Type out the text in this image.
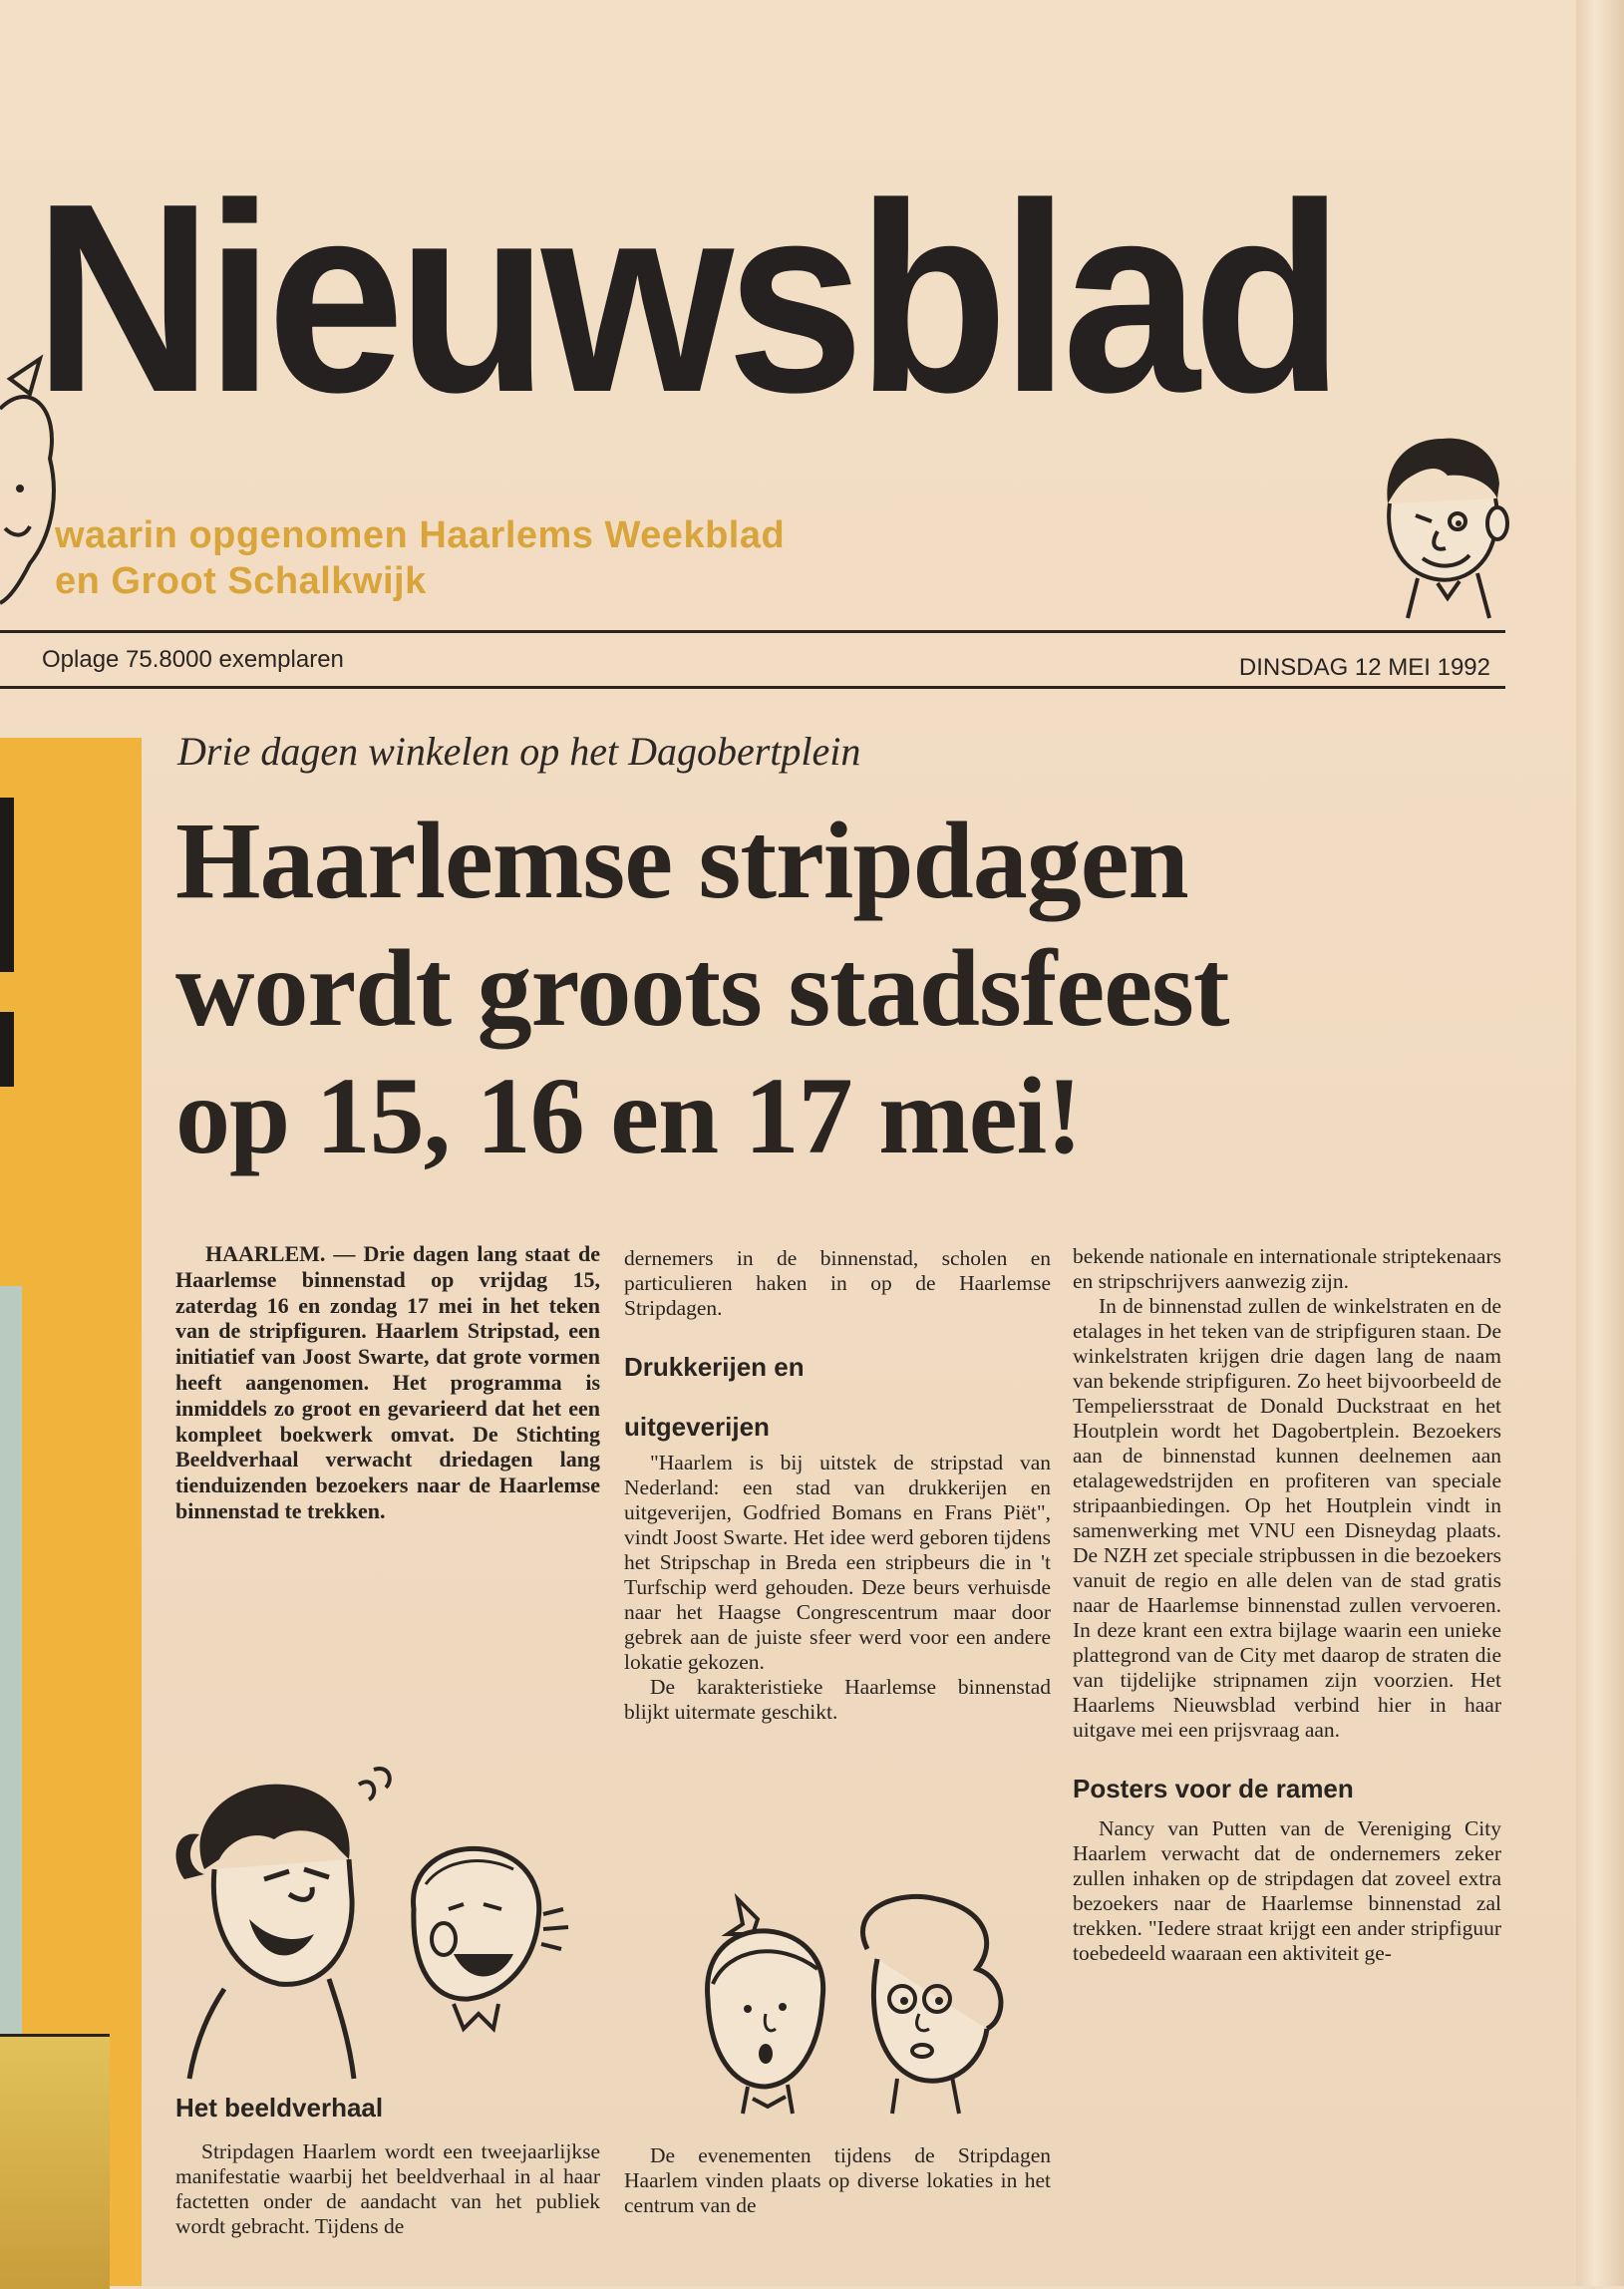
Nieuwsblad

waarin opgenomen Haarlems Weekblad

en Groot Schalkwijk

Oplage 75.8000 exemplaren	DINSDAG 12 MEI 1992

Drie dagen winkelen op het Dagobertplein

Haarlemse stripdagen
wordt groots stadsfeest
op 15, 16 en 17 mei!

HAARLEM. — Drie dagen lang staat de Haarlemse binnenstad op vrijdag 15, zaterdag 16 en zondag 17 mei in het teken van de stripfiguren. Haarlem Stripstad, een initiatief van Joost Swarte, dat grote vormen heeft aangenomen. Het programma is inmiddels zo groot en gevarieerd dat het een kompleet boekwerk omvat. De Stichting Beeldverhaal verwacht driedagen lang tienduizenden bezoekers naar de Haarlemse binnenstad te trekken.

Het beeldverhaal

Stripdagen Haarlem wordt een tweejaarlijkse manifestatie waarbij het beeldverhaal in al haar factetten onder de aandacht van het publiek wordt gebracht. Tijdens de

dernemers in de binnenstad, scholen en particulieren haken in op de Haarlemse Stripdagen.

Drukkerijen en
uitgeverijen

"Haarlem is bij uitstek de stripstad van Nederland: een stad van drukkerijen en uitgeverijen, Godfried Bomans en Frans Piët", vindt Joost Swarte. Het idee werd geboren tijdens het Stripschap in Breda een stripbeurs die in 't Turfschip werd gehouden. Deze beurs verhuisde naar het Haagse Congrescentrum maar door gebrek aan de juiste sfeer werd voor een andere lokatie gekozen.

De karakteristieke Haarlemse binnenstad blijkt uitermate geschikt.

De evenementen tijdens de Stripdagen Haarlem vinden plaats op diverse lokaties in het centrum van de

bekende nationale en internationale striptekenaars en stripschrijvers aanwezig zijn.

In de binnenstad zullen de winkelstraten en de etalages in het teken van de stripfiguren staan. De winkelstraten krijgen drie dagen lang de naam van bekende stripfiguren. Zo heet bijvoorbeeld de Tempeliersstraat de Donald Duckstraat en het Houtplein wordt het Dagobertplein. Bezoekers aan de binnenstad kunnen deelnemen aan etalagewedstrijden en profiteren van speciale stripaanbiedingen. Op het Houtplein vindt in samenwerking met VNU een Disneydag plaats. De NZH zet speciale stripbussen in die bezoekers vanuit de regio en alle delen van de stad gratis naar de Haarlemse binnenstad zullen vervoeren. In deze krant een extra bijlage waarin een unieke plattegrond van de City met daarop de straten die van tijdelijke stripnamen zijn voorzien. Het Haarlems Nieuwsblad verbind hier in haar uitgave mei een prijsvraag aan.

Posters voor de ramen

Nancy van Putten van de Vereniging City Haarlem verwacht dat de ondernemers zeker zullen inhaken op de stripdagen dat zoveel extra bezoekers naar de Haarlemse binnenstad zal trekken. "Iedere straat krijgt een ander stripfiguur toebedeeld waaraan een aktiviteit ge-
